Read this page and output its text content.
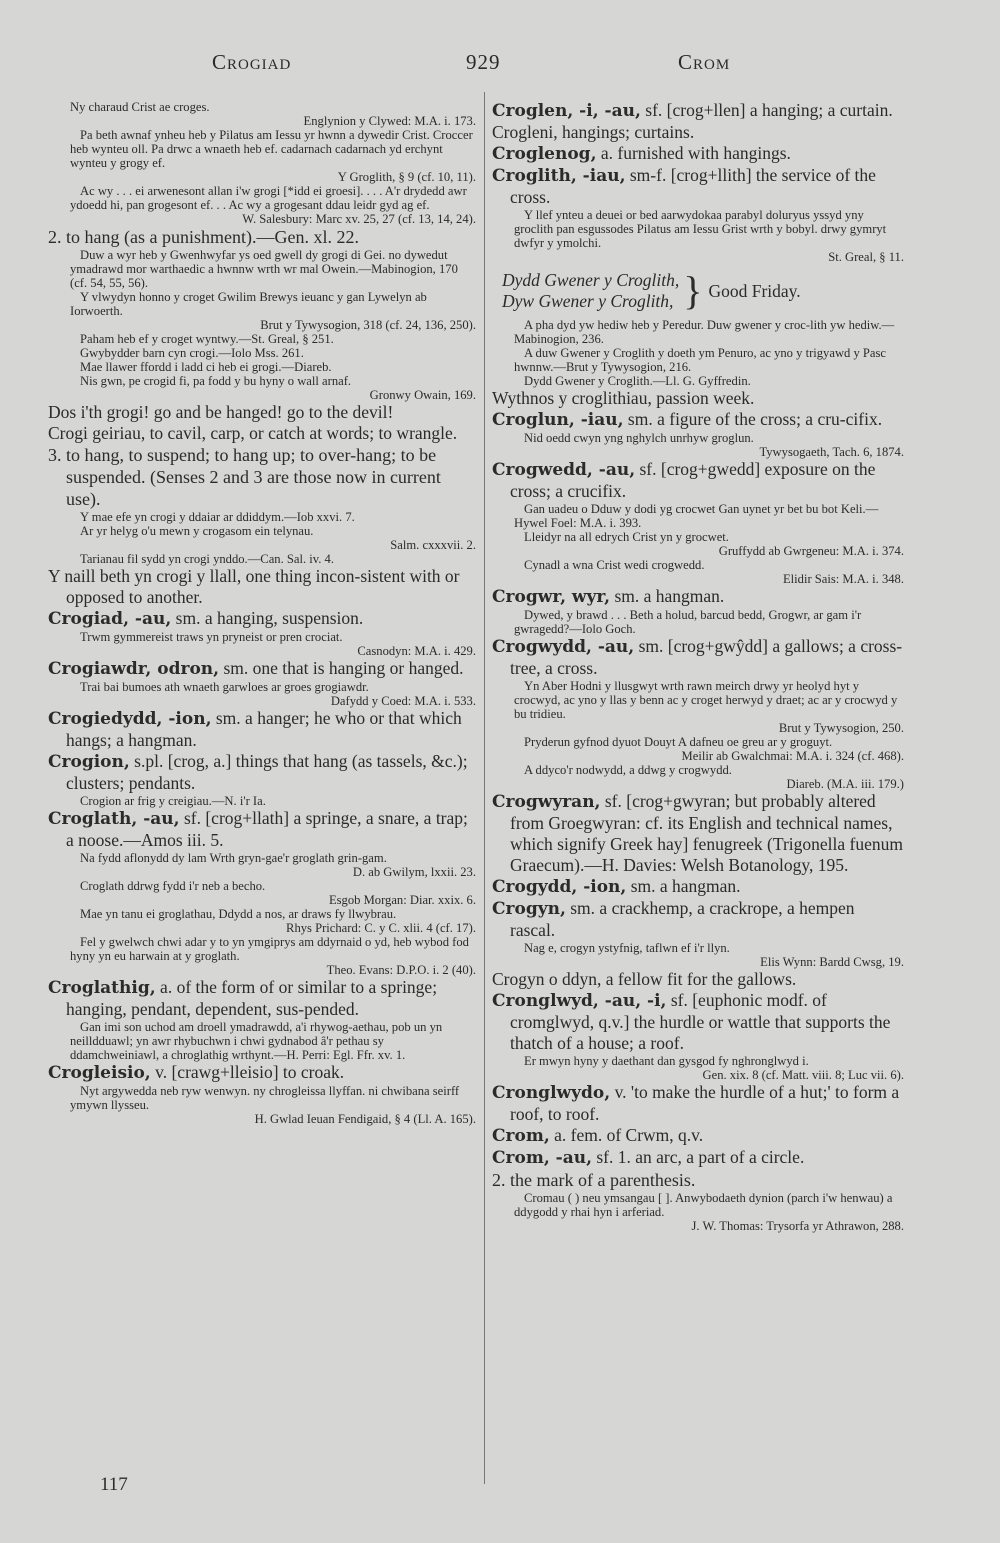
Crogiad	929	Crom

Ny charaud Crist ae croges.

Englynion y Clywed: M.A. i. 173.

Pa beth awnaf ynheu heb y Pilatus am Iessu yr hwnn a dywedir Crist. Croccer heb wynteu oll. Pa drwc a wnaeth heb ef. cadarnach cadarnach yd erchynt wynteu y grogy ef.

Y Groglith, § 9 (cf. 10, 11).

Ac wy . . . ei arwenesont allan i'w grogi [*idd ei groesi]. . . . A'r drydedd awr ydoedd hi, pan grogesont ef. . . Ac wy a grogesant ddau leidr gyd ag ef.

W. Salesbury: Marc xv. 25, 27 (cf. 13, 14, 24).

2. to hang (as a punishment).—Gen. xl. 22.

Duw a wyr heb y Gwenhwyfar ys oed gwell dy grogi di Gei. no dywedut ymadrawd mor warthaedic a hwnnw wrth wr mal Owein.—Mabinogion, 170 (cf. 54, 55, 56).

Y vlwydyn honno y croget Gwilim Brewys ieuanc y gan Lywelyn ab Iorwoerth.

Brut y Tywysogion, 318 (cf. 24, 136, 250).

Paham heb ef y croget wyntwy.—St. Greal, § 251.

Gwybydder barn cyn crogi.—Iolo Mss. 261.

Mae llawer ffordd i ladd ci heb ei grogi.—Diareb.

Nis gwn, pe crogid fi, pa fodd y bu hyny o wall arnaf.

Gronwy Owain, 169.

Dos i'th grogi! go and be hanged! go to the devil!

Crogi geiriau, to cavil, carp, or catch at words; to wrangle.

3. to hang, to suspend; to hang up; to over-hang; to be suspended. (Senses 2 and 3 are those now in current use).

Y mae efe yn crogi y ddaiar ar ddiddym.—Iob xxvi. 7.

Ar yr helyg o'u mewn y crogasom ein telynau.

Salm. cxxxvii. 2.

Tarianau fil sydd yn crogi ynddo.—Can. Sal. iv. 4.

Y naill beth yn crogi y llall, one thing incon-sistent with or opposed to another.

Crogiad, -au, sm. a hanging, suspension.

Trwm gymmereist traws yn pryneist or pren crociat.

Casnodyn: M.A. i. 429.

Crogiawdr, odron, sm. one that is hanging or hanged.

Trai bai bumoes ath wnaeth garwloes ar groes grogiawdr.

Dafydd y Coed: M.A. i. 533.

Crogiedydd, -ion, sm. a hanger; he who or that which hangs; a hangman.

Crogion, s.pl. [crog, a.] things that hang (as tassels, &c.); clusters; pendants.

Crogion ar frig y creigiau.—N. i'r Ia.

Croglath, -au, sf. [crog+llath] a springe, a snare, a trap; a noose.—Amos iii. 5.

Na fydd aflonydd dy lam Wrth gryn-gae'r groglath grin-gam.

D. ab Gwilym, lxxii. 23.

Croglath ddrwg fydd i'r neb a becho.

Esgob Morgan: Diar. xxix. 6.

Mae yn tanu ei groglathau, Ddydd a nos, ar draws fy llwybrau.

Rhys Prichard: C. y C. xlii. 4 (cf. 17).

Fel y gwelwch chwi adar y to yn ymgiprys am ddyrnaid o yd, heb wybod fod hyny yn eu harwain at y groglath.

Theo. Evans: D.P.O. i. 2 (40).

Croglathig, a. of the form of or similar to a springe; hanging, pendant, dependent, sus-pended.

Gan imi son uchod am droell ymadrawdd, a'i rhywog-aethau, pob un yn neilldduawl; yn awr rhybuchwn i chwi gydnabod â'r pethau sy ddamchweiniawl, a chroglathig wrthynt.—H. Perri: Egl. Ffr. xv. 1.

Crogleisio, v. [crawg+lleisio] to croak.

Nyt argywedda neb ryw wenwyn. ny chrogleissa llyffan. ni chwibana seirff ymywn llysseu.

H. Gwlad Ieuan Fendigaid, § 4 (Ll. A. 165).

Croglen, -i, -au, sf. [crog+llen] a hanging; a curtain.

Crogleni, hangings; curtains.

Croglenog, a. furnished with hangings.

Croglith, -iau, sm-f. [crog+llith] the service of the cross.

Y llef ynteu a deuei or bed aarwydokaa parabyl doluryus yssyd yny groclith pan esgussodes Pilatus am Iessu Grist wrth y bobyl. drwy gymryt dwfyr y ymolchi.

St. Greal, § 11.

Dydd Gwener y Croglith,
Dyw Gwener y Croglith, } Good Friday.

A pha dyd yw hediw heb y Peredur. Duw gwener y croc-lith yw hediw.—Mabinogion, 236.

A duw Gwener y Croglith y doeth ym Penuro, ac yno y trigyawd y Pasc hwnnw.—Brut y Tywysogion, 216.

Dydd Gwener y Croglith.—Ll. G. Gyffredin.

Wythnos y croglithiau, passion week.

Croglun, -iau, sm. a figure of the cross; a cru-cifix.

Nid oedd cwyn yng nghylch unrhyw groglun.

Tywysogaeth, Tach. 6, 1874.

Crogwedd, -au, sf. [crog+gwedd] exposure on the cross; a crucifix.

Gan uadeu o Dduw y dodi yg crocwet Gan uynet yr bet bu bot Keli.—Hywel Foel: M.A. i. 393.

Lleidyr na all edrych Crist yn y grocwet.

Gruffydd ab Gwrgeneu: M.A. i. 374.

Cynadl a wna Crist wedi crogwedd.

Elidir Sais: M.A. i. 348.

Crogwr, wyr, sm. a hangman.

Dywed, y brawd . . . Beth a holud, barcud bedd, Grogwr, ar gam i'r gwragedd?—Iolo Goch.

Crogwydd, -au, sm. [crog+gwŷdd] a gallows; a cross-tree, a cross.

Yn Aber Hodni y llusgwyt wrth rawn meirch drwy yr heolyd hyt y crocwyd, ac yno y llas y benn ac y croget herwyd y draet; ac ar y crocwyd y bu tridieu.

Brut y Tywysogion, 250.

Pryderun gyfnod dyuot Douyt A dafneu oe greu ar y groguyt.

Meilir ab Gwalchmai: M.A. i. 324 (cf. 468).

A ddyco'r nodwydd, a ddwg y crogwydd.

Diareb. (M.A. iii. 179.)

Crogwyran, sf. [crog+gwyran; but probably altered from Groegwyran: cf. its English and technical names, which signify Greek hay] fenugreek (Trigonella fuenum Graecum).—H. Davies: Welsh Botanology, 195.

Crogydd, -ion, sm. a hangman.

Crogyn, sm. a crackhemp, a crackrope, a hempen rascal.

Nag e, crogyn ystyfnig, taflwn ef i'r llyn.

Elis Wynn: Bardd Cwsg, 19.

Crogyn o ddyn, a fellow fit for the gallows.

Cronglwyd, -au, -i, sf. [euphonic modf. of cromglwyd, q.v.] the hurdle or wattle that supports the thatch of a house; a roof.

Er mwyn hyny y daethant dan gysgod fy nghronglwyd i.

Gen. xix. 8 (cf. Matt. viii. 8; Luc vii. 6).

Cronglwydo, v. 'to make the hurdle of a hut;' to form a roof, to roof.

Crom, a. fem. of Crwm, q.v.

Crom, -au, sf. 1. an arc, a part of a circle.

2. the mark of a parenthesis.

Cromau ( ) neu ymsangau [ ]. Anwybodaeth dynion (parch i'w henwau) a ddygodd y rhai hyn i arferiad.

J. W. Thomas: Trysorfa yr Athrawon, 288.

117
